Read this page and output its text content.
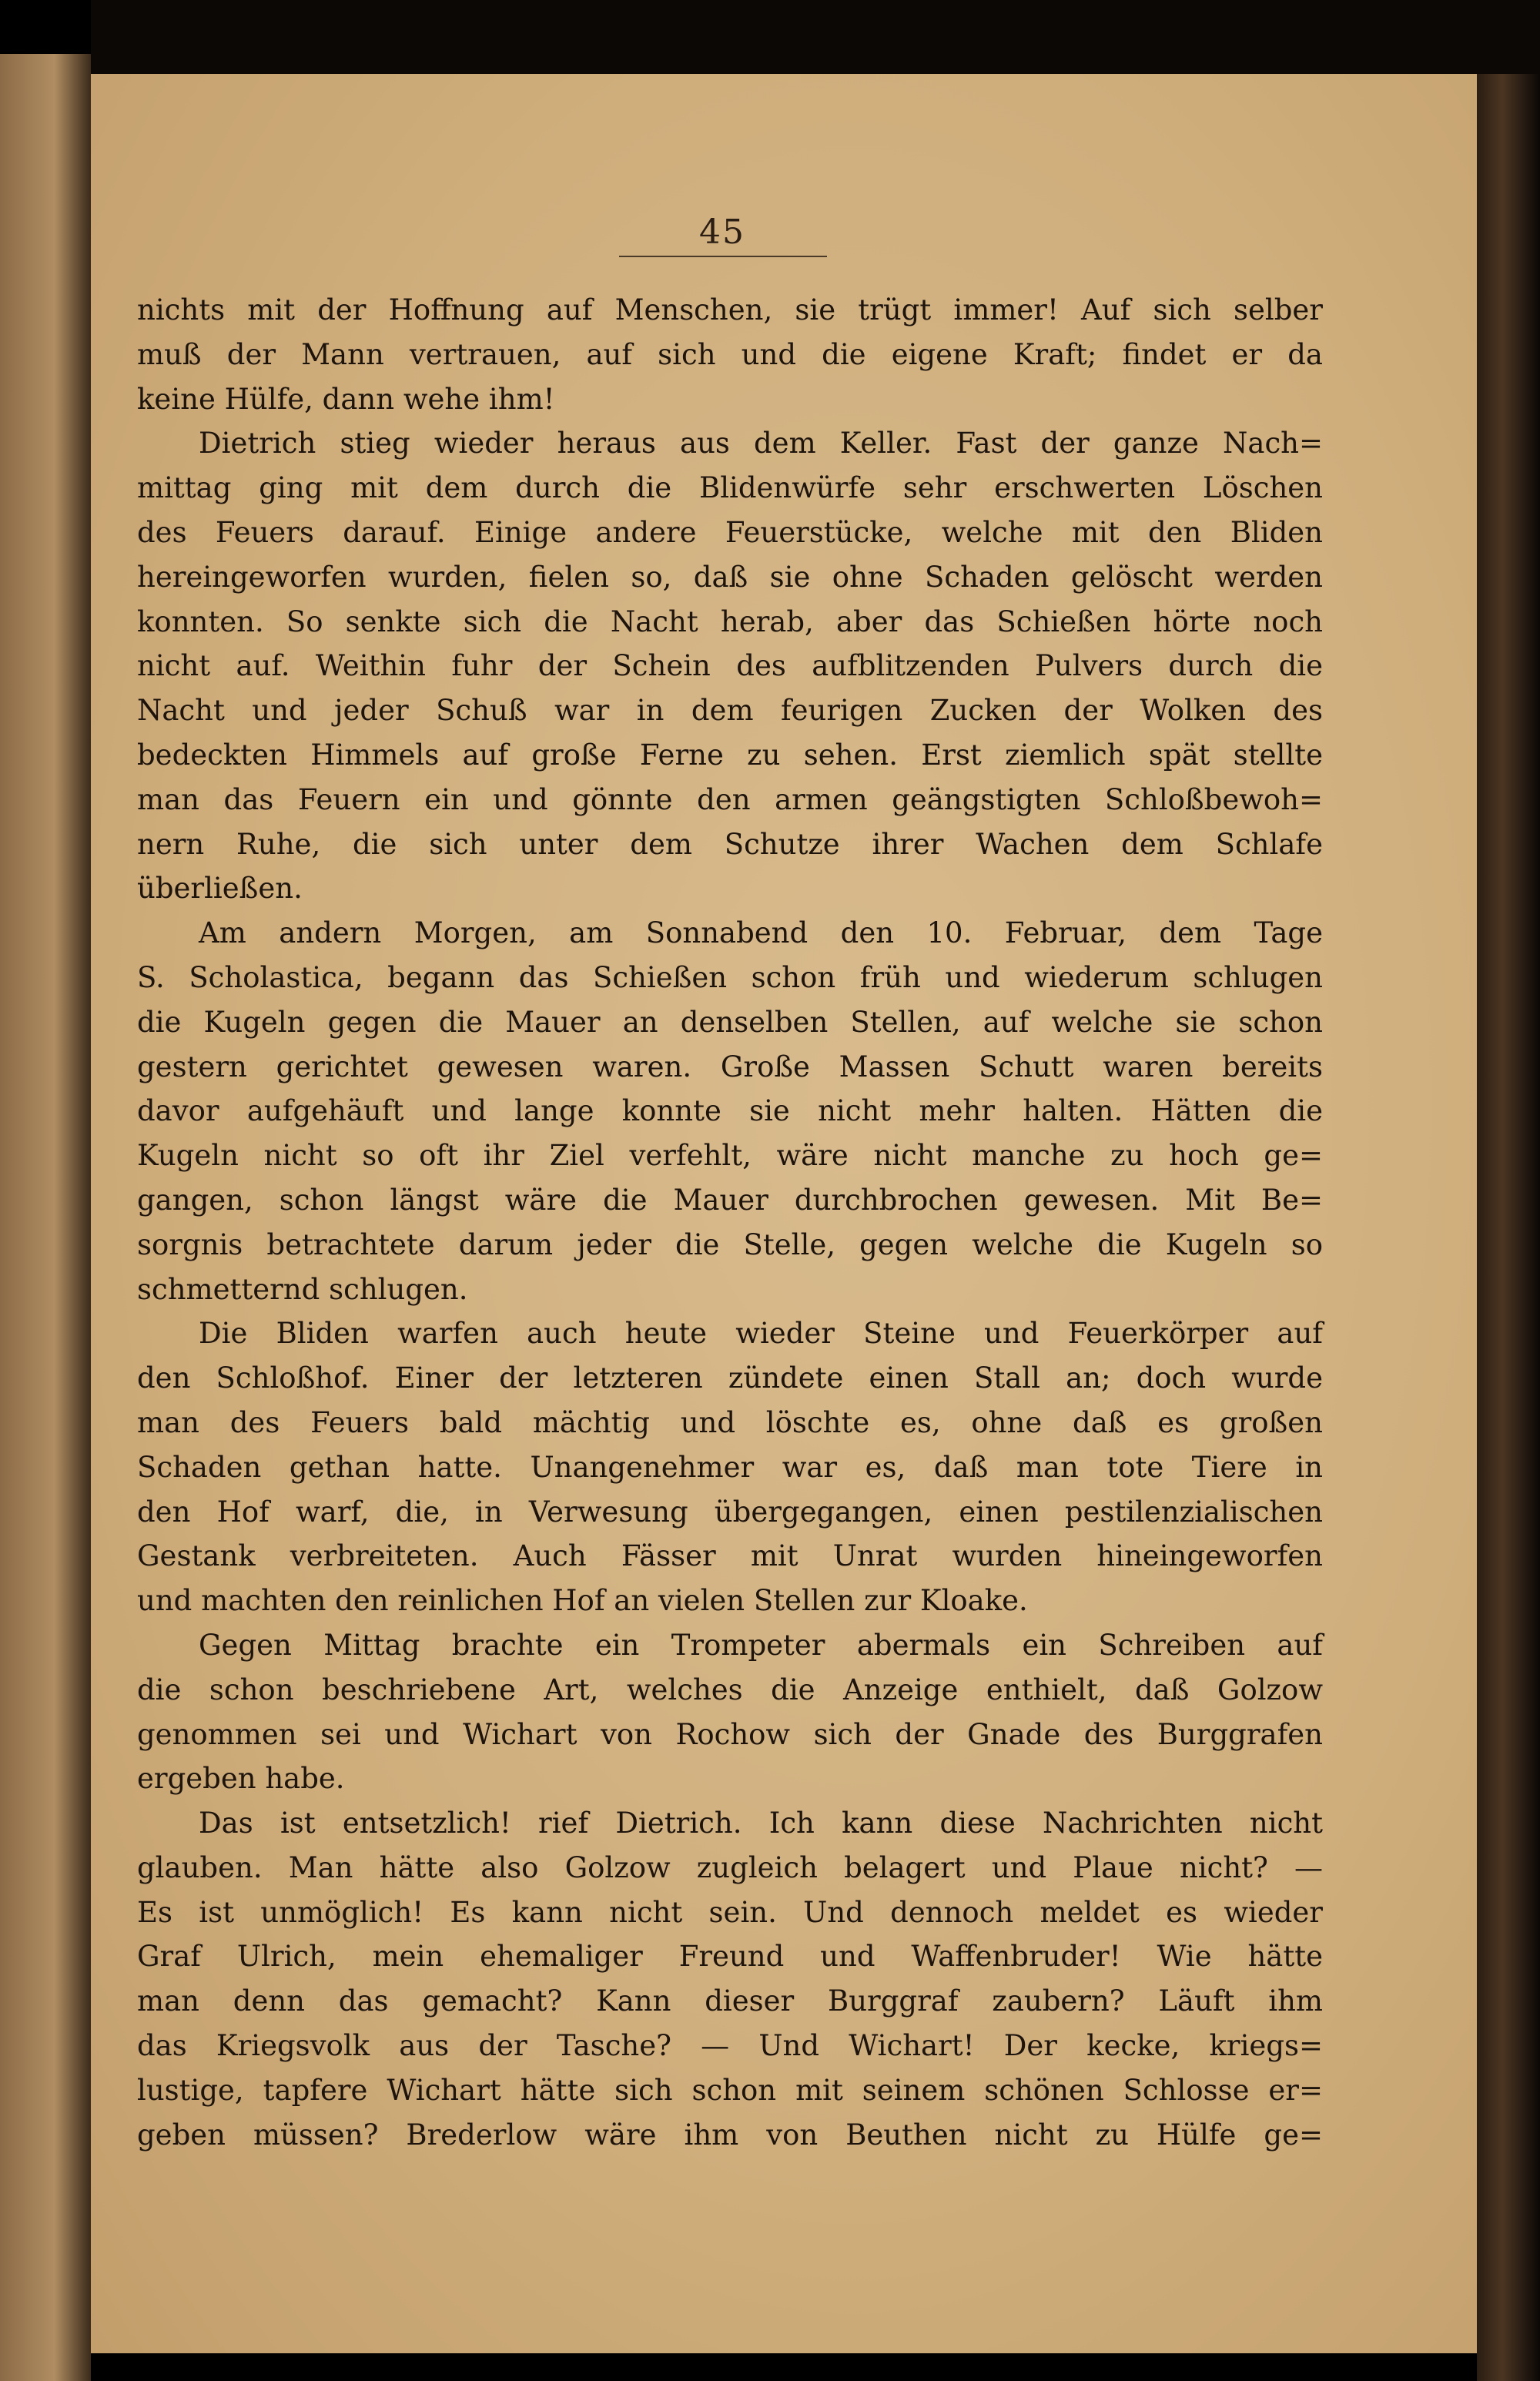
45
nichts mit der Hoffnung auf Menschen, sie trügt immer! Auf sich selber
muß der Mann vertrauen, auf sich und die eigene Kraft; findet er da
keine Hülfe, dann wehe ihm!
Dietrich stieg wieder heraus aus dem Keller. Fast der ganze Nach=
mittag ging mit dem durch die Blidenwürfe sehr erschwerten Löschen
des Feuers darauf. Einige andere Feuerstücke, welche mit den Bliden
hereingeworfen wurden, fielen so, daß sie ohne Schaden gelöscht werden
konnten. So senkte sich die Nacht herab, aber das Schießen hörte noch
nicht auf. Weithin fuhr der Schein des aufblitzenden Pulvers durch die
Nacht und jeder Schuß war in dem feurigen Zucken der Wolken des
bedeckten Himmels auf große Ferne zu sehen. Erst ziemlich spät stellte
man das Feuern ein und gönnte den armen geängstigten Schloßbewoh=
nern Ruhe, die sich unter dem Schutze ihrer Wachen dem Schlafe
überließen.
Am andern Morgen, am Sonnabend den 10. Februar, dem Tage
S. Scholastica, begann das Schießen schon früh und wiederum schlugen
die Kugeln gegen die Mauer an denselben Stellen, auf welche sie schon
gestern gerichtet gewesen waren. Große Massen Schutt waren bereits
davor aufgehäuft und lange konnte sie nicht mehr halten. Hätten die
Kugeln nicht so oft ihr Ziel verfehlt, wäre nicht manche zu hoch ge=
gangen, schon längst wäre die Mauer durchbrochen gewesen. Mit Be=
sorgnis betrachtete darum jeder die Stelle, gegen welche die Kugeln so
schmetternd schlugen.
Die Bliden warfen auch heute wieder Steine und Feuerkörper auf
den Schloßhof. Einer der letzteren zündete einen Stall an; doch wurde
man des Feuers bald mächtig und löschte es, ohne daß es großen
Schaden gethan hatte. Unangenehmer war es, daß man tote Tiere in
den Hof warf, die, in Verwesung übergegangen, einen pestilenzialischen
Gestank verbreiteten. Auch Fässer mit Unrat wurden hineingeworfen
und machten den reinlichen Hof an vielen Stellen zur Kloake.
Gegen Mittag brachte ein Trompeter abermals ein Schreiben auf
die schon beschriebene Art, welches die Anzeige enthielt, daß Golzow
genommen sei und Wichart von Rochow sich der Gnade des Burggrafen
ergeben habe.
Das ist entsetzlich! rief Dietrich. Ich kann diese Nachrichten nicht
glauben. Man hätte also Golzow zugleich belagert und Plaue nicht? —
Es ist unmöglich! Es kann nicht sein. Und dennoch meldet es wieder
Graf Ulrich, mein ehemaliger Freund und Waffenbruder! Wie hätte
man denn das gemacht? Kann dieser Burggraf zaubern? Läuft ihm
das Kriegsvolk aus der Tasche? — Und Wichart! Der kecke, kriegs=
lustige, tapfere Wichart hätte sich schon mit seinem schönen Schlosse er=
geben müssen? Brederlow wäre ihm von Beuthen nicht zu Hülfe ge=
